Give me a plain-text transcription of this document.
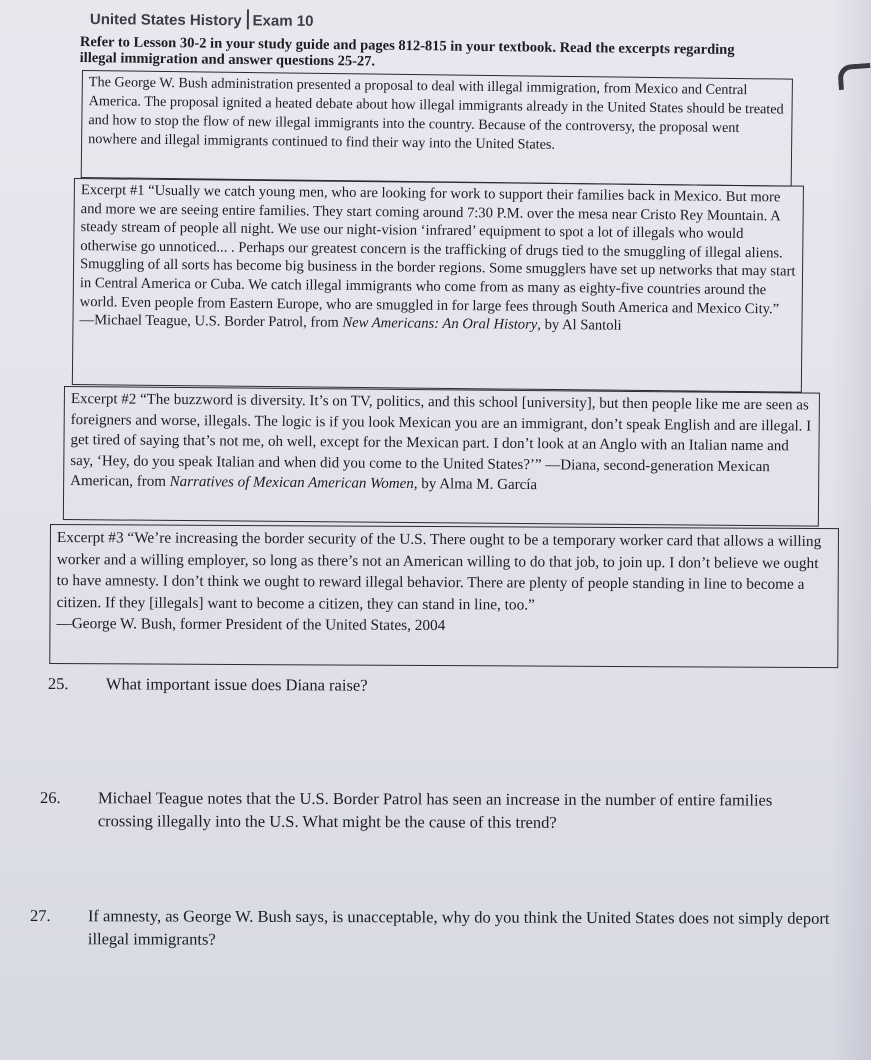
United States History Exam 10
Refer to Lesson 30-2 in your study guide and pages 812-815 in your textbook. Read the excerpts regarding illegal immigration and answer questions 25-27.

The George W. Bush administration presented a proposal to deal with illegal immigration, from Mexico and Central America. The proposal ignited a heated debate about how illegal immigrants already in the United States should be treated and how to stop the flow of new illegal immigrants into the country. Because of the controversy, the proposal went nowhere and illegal immigrants continued to find their way into the United States.

Excerpt #1 “Usually we catch young men, who are looking for work to support their families back in Mexico. But more and more we are seeing entire families. They start coming around 7:30 P.M. over the mesa near Cristo Rey Mountain. A steady stream of people all night. We use our night-vision ‘infrared’ equipment to spot a lot of illegals who would otherwise go unnoticed... . Perhaps our greatest concern is the trafficking of drugs tied to the smuggling of illegal aliens. Smuggling of all sorts has become big business in the border regions. Some smugglers have set up networks that may start in Central America or Cuba. We catch illegal immigrants who come from as many as eighty-five countries around the world. Even people from Eastern Europe, who are smuggled in for large fees through South America and Mexico City.”

—Michael Teague, U.S. Border Patrol, from New Americans: An Oral History, by Al Santoli

Excerpt #2 “The buzzword is diversity. It’s on TV, politics, and this school [university], but then people like me are seen as foreigners and worse, illegals. The logic is if you look Mexican you are an immigrant, don’t speak English and are illegal. I get tired of saying that’s not me, oh well, except for the Mexican part. I don’t look at an Anglo with an Italian name and say, ‘Hey, do you speak Italian and when did you come to the United States?’” —Diana, second-generation Mexican American, from Narratives of Mexican American Women, by Alma M. García

Excerpt #3 “We’re increasing the border security of the U.S. There ought to be a temporary worker card that allows a willing worker and a willing employer, so long as there’s not an American willing to do that job, to join up. I don’t believe we ought to have amnesty. I don’t think we ought to reward illegal behavior. There are plenty of people standing in line to become a citizen. If they [illegals] want to become a citizen, they can stand in line, too.”

—George W. Bush, former President of the United States, 2004
25.	What important issue does Diana raise?
26.	Michael Teague notes that the U.S. Border Patrol has seen an increase in the number of entire families crossing illegally into the U.S. What might be the cause of this trend?
27.	If amnesty, as George W. Bush says, is unacceptable, why do you think the United States does not simply deport illegal immigrants?
